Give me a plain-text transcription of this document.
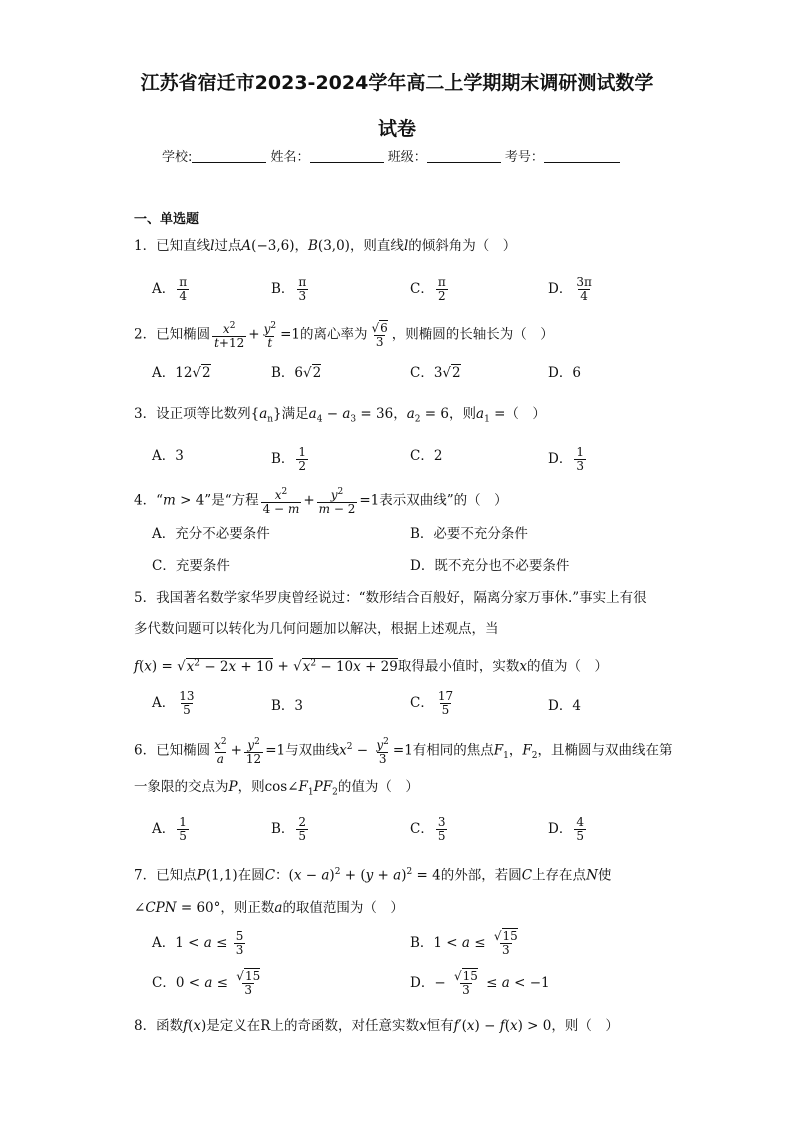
江苏省宿迁市2023-2024学年高二上学期期末调研测试数学
试卷
学校:	姓名：	班级：	考号：
一、单选题
1．已知直线l过点A(−3,6)，B(3,0)，则直线l的倾斜角为（　）
A． $\frac{\pi}{4}$	B． $\frac{\pi}{3}$	C． $\frac{\pi}{2}$	D． $\frac{3\pi}{4}$
2．已知椭圆 $\frac{x^2}{t+12} + \frac{y^2}{t} =1$的离心率为 $\frac{√6}{3}$ ，则椭圆的长轴长为（　）
A．12√2	B．6√2	C．3√2	D．6
3．设正项等比数列$\{a_n\}$满足$a_4 - a_3 = 36$，$a_2 = 6$，则$a_1$ =（　）
A．3	B． $\frac{1}{2}$	C．2	D． $\frac{1}{3}$
4．“m > 4”是“方程 $\frac{x^2}{4 - m} + \frac{y^2}{m - 2} =1$表示双曲线”的（　）
A．充分不必要条件	B．必要不充分条件
C．充要条件	D．既不充分也不必要条件
5．我国著名数学家华罗庚曾经说过：“数形结合百般好，隔离分家万事休.”事实上有很
多代数问题可以转化为几何问题加以解决，根据上述观点，当
$f(x) = √x^2 - 2x + 10 + √x^2 - 10x + 29$取得最小值时，实数x的值为（　）
A． $\frac{13}{5}$	B．3	C． $\frac{17}{5}$	D．4
6．已知椭圆 $\frac{x^2}{a} + \frac{y^2}{12} =1$与双曲线$x^2 - \frac{y^2}{3} =1$有相同的焦点$F_1$，$F_2$，且椭圆与双曲线在第
一象限的交点为P，则$\cos\angle F_1PF_2$的值为（　）
A． $\frac{1}{5}$	B． $\frac{2}{5}$	C． $\frac{3}{5}$	D． $\frac{4}{5}$
7．已知点P(1,1)在圆C：$(x - a)^2 + (y + a)^2 = 4$的外部，若圆C上存在点N使
∠CPN = 60°，则正数a的取值范围为（　）
A．$1 < a \le \frac{5}{3}$	B．$1 < a \le \frac{√15}{3}$
C．$0 < a \le \frac{√15}{3}$	D．− $\frac{√15}{3} \le a < -1$
8．函数f(x)是定义在R上的奇函数，对任意实数x恒有f′(x) − f(x) > 0，则（　）
